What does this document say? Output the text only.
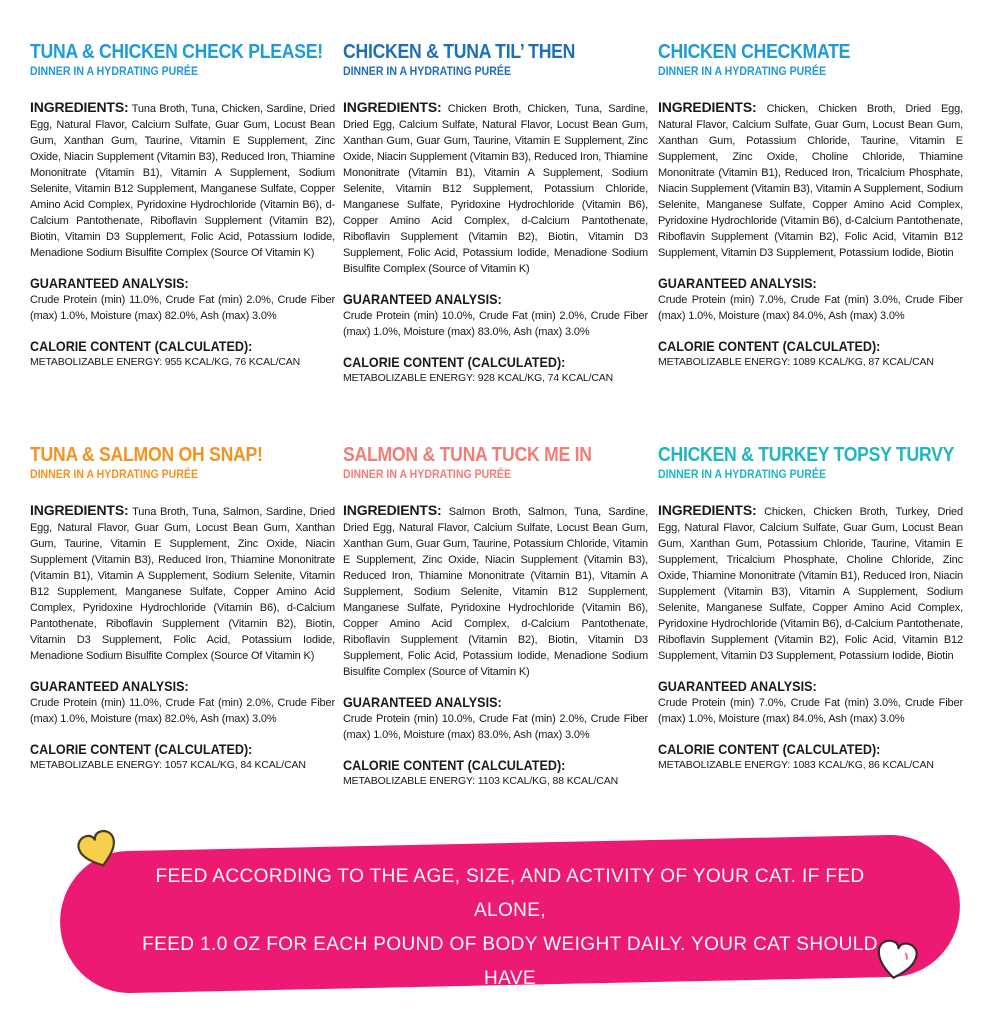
TUNA & CHICKEN CHECK PLEASE!
DINNER IN A HYDRATING PURÉE
INGREDIENTS: Tuna Broth, Tuna, Chicken, Sardine, Dried Egg, Natural Flavor, Calcium Sulfate, Guar Gum, Locust Bean Gum, Xanthan Gum, Taurine, Vitamin E Supplement, Zinc Oxide, Niacin Supplement (Vitamin B3), Reduced Iron, Thiamine Mononitrate (Vitamin B1), Vitamin A Supplement, Sodium Selenite, Vitamin B12 Supplement, Manganese Sulfate, Copper Amino Acid Complex, Pyridoxine Hydrochloride (Vitamin B6), d-Calcium Pantothenate, Riboflavin Supplement (Vitamin B2), Biotin, Vitamin D3 Supplement, Folic Acid, Potassium Iodide, Menadione Sodium Bisulfite Complex (Source Of Vitamin K)
GUARANTEED ANALYSIS:
Crude Protein (min) 11.0%, Crude Fat (min) 2.0%, Crude Fiber (max) 1.0%, Moisture (max) 82.0%, Ash (max) 3.0%
CALORIE CONTENT (CALCULATED):
METABOLIZABLE ENERGY: 955 KCAL/KG, 76 KCAL/CAN
CHICKEN & TUNA TIL’ THEN
DINNER IN A HYDRATING PURÉE
INGREDIENTS: Chicken Broth, Chicken, Tuna, Sardine, Dried Egg, Calcium Sulfate, Natural Flavor, Locust Bean Gum, Xanthan Gum, Guar Gum, Taurine, Vitamin E Supplement, Zinc Oxide, Niacin Supplement (Vitamin B3), Reduced Iron, Thiamine Mononitrate (Vitamin B1), Vitamin A Supplement, Sodium Selenite, Vitamin B12 Supplement, Potassium Chloride, Manganese Sulfate, Pyridoxine Hydrochloride (Vitamin B6), Copper Amino Acid Complex, d-Calcium Pantothenate, Riboflavin Supplement (Vitamin B2), Biotin, Vitamin D3 Supplement, Folic Acid, Potassium Iodide, Menadione Sodium Bisulfite Complex (Source of Vitamin K)
GUARANTEED ANALYSIS:
Crude Protein (min) 10.0%, Crude Fat (min) 2.0%, Crude Fiber (max) 1.0%, Moisture (max) 83.0%, Ash (max) 3.0%
CALORIE CONTENT (CALCULATED):
METABOLIZABLE ENERGY: 928 KCAL/KG, 74 KCAL/CAN
CHICKEN CHECKMATE
DINNER IN A HYDRATING PURÉE
INGREDIENTS: Chicken, Chicken Broth, Dried Egg, Natural Flavor, Calcium Sulfate, Guar Gum, Locust Bean Gum, Xanthan Gum, Potassium Chloride, Taurine, Vitamin E Supplement, Zinc Oxide, Choline Chloride, Thiamine Mononitrate (Vitamin B1), Reduced Iron, Tricalcium Phosphate, Niacin Supplement (Vitamin B3), Vitamin A Supplement, Sodium Selenite, Manganese Sulfate, Copper Amino Acid Complex, Pyridoxine Hydrochloride (Vitamin B6), d-Calcium Pantothenate, Riboflavin Supplement (Vitamin B2), Folic Acid, Vitamin B12 Supplement, Vitamin D3 Supplement, Potassium Iodide, Biotin
GUARANTEED ANALYSIS:
Crude Protein (min) 7.0%, Crude Fat (min) 3.0%, Crude Fiber (max) 1.0%, Moisture (max) 84.0%, Ash (max) 3.0%
CALORIE CONTENT (CALCULATED):
METABOLIZABLE ENERGY: 1089 KCAL/KG, 87 KCAL/CAN
TUNA & SALMON OH SNAP!
DINNER IN A HYDRATING PURÉE
INGREDIENTS: Tuna Broth, Tuna, Salmon, Sardine, Dried Egg, Natural Flavor, Guar Gum, Locust Bean Gum, Xanthan Gum, Taurine, Vitamin E Supplement, Zinc Oxide, Niacin Supplement (Vitamin B3), Reduced Iron, Thiamine Mononitrate (Vitamin B1), Vitamin A Supplement, Sodium Selenite, Vitamin B12 Supplement, Manganese Sulfate, Copper Amino Acid Complex, Pyridoxine Hydrochloride (Vitamin B6), d-Calcium Pantothenate, Riboflavin Supplement (Vitamin B2), Biotin, Vitamin D3 Supplement, Folic Acid, Potassium Iodide, Menadione Sodium Bisulfite Complex (Source Of Vitamin K)
GUARANTEED ANALYSIS:
Crude Protein (min) 11.0%, Crude Fat (min) 2.0%, Crude Fiber (max) 1.0%, Moisture (max) 82.0%, Ash (max) 3.0%
CALORIE CONTENT (CALCULATED):
METABOLIZABLE ENERGY: 1057 KCAL/KG, 84 KCAL/CAN
SALMON & TUNA TUCK ME IN
DINNER IN A HYDRATING PURÉE
INGREDIENTS: Salmon Broth, Salmon, Tuna, Sardine, Dried Egg, Natural Flavor, Calcium Sulfate, Locust Bean Gum, Xanthan Gum, Guar Gum, Taurine, Potassium Chloride, Vitamin E Supplement, Zinc Oxide, Niacin Supplement (Vitamin B3), Reduced Iron, Thiamine Mononitrate (Vitamin B1), Vitamin A Supplement, Sodium Selenite, Vitamin B12 Supplement, Manganese Sulfate, Pyridoxine Hydrochloride (Vitamin B6), Copper Amino Acid Complex, d-Calcium Pantothenate, Riboflavin Supplement (Vitamin B2), Biotin, Vitamin D3 Supplement, Folic Acid, Potassium Iodide, Menadione Sodium Bisulfite Complex (Source of Vitamin K)
GUARANTEED ANALYSIS:
Crude Protein (min) 10.0%, Crude Fat (min) 2.0%, Crude Fiber (max) 1.0%, Moisture (max) 83.0%, Ash (max) 3.0%
CALORIE CONTENT (CALCULATED):
METABOLIZABLE ENERGY: 1103 KCAL/KG, 88 KCAL/CAN
CHICKEN & TURKEY TOPSY TURVY
DINNER IN A HYDRATING PURÉE
INGREDIENTS: Chicken, Chicken Broth, Turkey, Dried Egg, Natural Flavor, Calcium Sulfate, Guar Gum, Locust Bean Gum, Xanthan Gum, Potassium Chloride, Taurine, Vitamin E Supplement, Tricalcium Phosphate, Choline Chloride, Zinc Oxide, Thiamine Mononitrate (Vitamin B1), Reduced Iron, Niacin Supplement (Vitamin B3), Vitamin A Supplement, Sodium Selenite, Manganese Sulfate, Copper Amino Acid Complex, Pyridoxine Hydrochloride (Vitamin B6), d-Calcium Pantothenate, Riboflavin Supplement (Vitamin B2), Folic Acid, Vitamin B12 Supplement, Vitamin D3 Supplement, Potassium Iodide, Biotin
GUARANTEED ANALYSIS:
Crude Protein (min) 7.0%, Crude Fat (min) 3.0%, Crude Fiber (max) 1.0%, Moisture (max) 84.0%, Ash (max) 3.0%
CALORIE CONTENT (CALCULATED):
METABOLIZABLE ENERGY: 1083 KCAL/KG, 86 KCAL/CAN
FEED ACCORDING TO THE AGE, SIZE, AND ACTIVITY OF YOUR CAT. IF FED ALONE,
FEED 1.0 OZ FOR EACH POUND OF BODY WEIGHT DAILY. YOUR CAT SHOULD HAVE
ACCESS TO CLEAN, FRESH WATER. REFRIGERATE AFTER OPENING.
